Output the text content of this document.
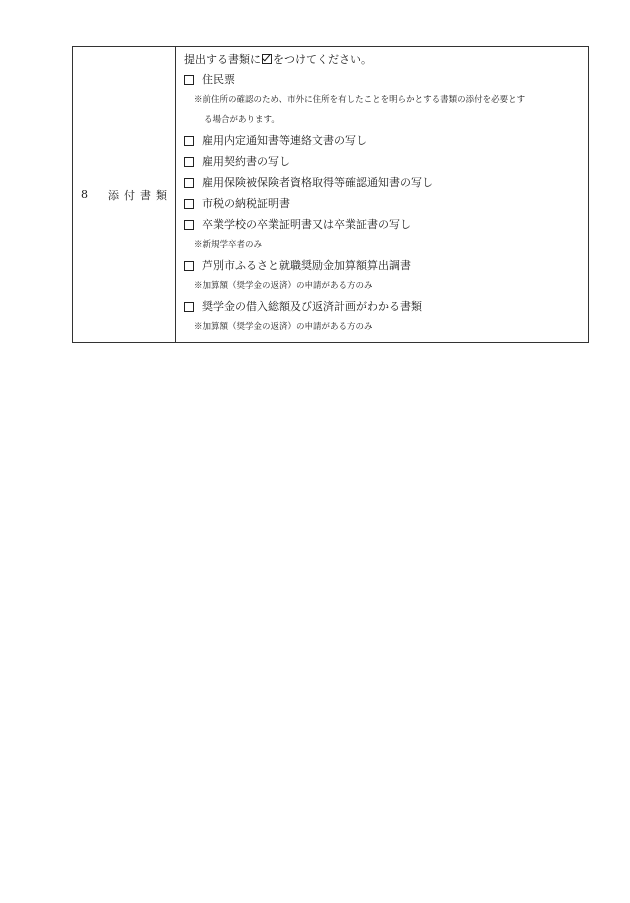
8 添付書類
提出する書類に をつけてください。
住民票
※前住所の確認のため、市外に住所を有したことを明らかとする書類の添付を必要とす
る場合があります。
雇用内定通知書等連絡文書の写し
雇用契約書の写し
雇用保険被保険者資格取得等確認通知書の写し
市税の納税証明書
卒業学校の卒業証明書又は卒業証書の写し
※新規学卒者のみ
芦別市ふるさと就職奨励金加算額算出調書
※加算額（奨学金の返済）の申請がある方のみ
奨学金の借入総額及び返済計画がわかる書類
※加算額（奨学金の返済）の申請がある方のみ
